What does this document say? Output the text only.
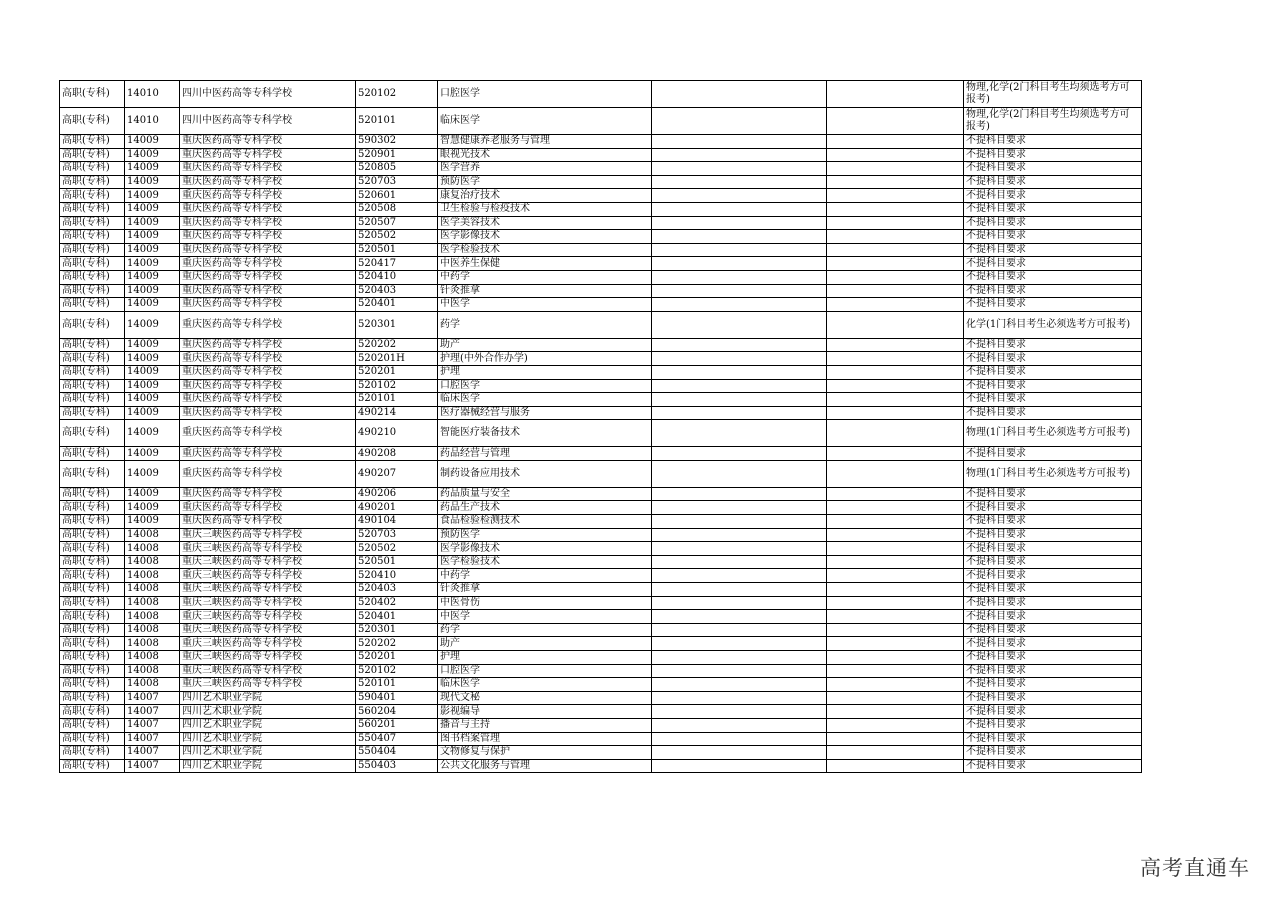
高职(专科)	14010	四川中医药高等专科学校	520102	口腔医学			物理,化学(2门科目考生均须选考方可报考)
高职(专科)	14010	四川中医药高等专科学校	520101	临床医学			物理,化学(2门科目考生均须选考方可报考)
高职(专科)	14009	重庆医药高等专科学校	590302	智慧健康养老服务与管理			不提科目要求
高职(专科)	14009	重庆医药高等专科学校	520901	眼视光技术			不提科目要求
高职(专科)	14009	重庆医药高等专科学校	520805	医学营养			不提科目要求
高职(专科)	14009	重庆医药高等专科学校	520703	预防医学			不提科目要求
高职(专科)	14009	重庆医药高等专科学校	520601	康复治疗技术			不提科目要求
高职(专科)	14009	重庆医药高等专科学校	520508	卫生检验与检疫技术			不提科目要求
高职(专科)	14009	重庆医药高等专科学校	520507	医学美容技术			不提科目要求
高职(专科)	14009	重庆医药高等专科学校	520502	医学影像技术			不提科目要求
高职(专科)	14009	重庆医药高等专科学校	520501	医学检验技术			不提科目要求
高职(专科)	14009	重庆医药高等专科学校	520417	中医养生保健			不提科目要求
高职(专科)	14009	重庆医药高等专科学校	520410	中药学			不提科目要求
高职(专科)	14009	重庆医药高等专科学校	520403	针灸推拿			不提科目要求
高职(专科)	14009	重庆医药高等专科学校	520401	中医学			不提科目要求
高职(专科)	14009	重庆医药高等专科学校	520301	药学			化学(1门科目考生必须选考方可报考)
高职(专科)	14009	重庆医药高等专科学校	520202	助产			不提科目要求
高职(专科)	14009	重庆医药高等专科学校	520201H	护理(中外合作办学)			不提科目要求
高职(专科)	14009	重庆医药高等专科学校	520201	护理			不提科目要求
高职(专科)	14009	重庆医药高等专科学校	520102	口腔医学			不提科目要求
高职(专科)	14009	重庆医药高等专科学校	520101	临床医学			不提科目要求
高职(专科)	14009	重庆医药高等专科学校	490214	医疗器械经营与服务			不提科目要求
高职(专科)	14009	重庆医药高等专科学校	490210	智能医疗装备技术			物理(1门科目考生必须选考方可报考)
高职(专科)	14009	重庆医药高等专科学校	490208	药品经营与管理			不提科目要求
高职(专科)	14009	重庆医药高等专科学校	490207	制药设备应用技术			物理(1门科目考生必须选考方可报考)
高职(专科)	14009	重庆医药高等专科学校	490206	药品质量与安全			不提科目要求
高职(专科)	14009	重庆医药高等专科学校	490201	药品生产技术			不提科目要求
高职(专科)	14009	重庆医药高等专科学校	490104	食品检验检测技术			不提科目要求
高职(专科)	14008	重庆三峡医药高等专科学校	520703	预防医学			不提科目要求
高职(专科)	14008	重庆三峡医药高等专科学校	520502	医学影像技术			不提科目要求
高职(专科)	14008	重庆三峡医药高等专科学校	520501	医学检验技术			不提科目要求
高职(专科)	14008	重庆三峡医药高等专科学校	520410	中药学			不提科目要求
高职(专科)	14008	重庆三峡医药高等专科学校	520403	针灸推拿			不提科目要求
高职(专科)	14008	重庆三峡医药高等专科学校	520402	中医骨伤			不提科目要求
高职(专科)	14008	重庆三峡医药高等专科学校	520401	中医学			不提科目要求
高职(专科)	14008	重庆三峡医药高等专科学校	520301	药学			不提科目要求
高职(专科)	14008	重庆三峡医药高等专科学校	520202	助产			不提科目要求
高职(专科)	14008	重庆三峡医药高等专科学校	520201	护理			不提科目要求
高职(专科)	14008	重庆三峡医药高等专科学校	520102	口腔医学			不提科目要求
高职(专科)	14008	重庆三峡医药高等专科学校	520101	临床医学			不提科目要求
高职(专科)	14007	四川艺术职业学院	590401	现代文秘			不提科目要求
高职(专科)	14007	四川艺术职业学院	560204	影视编导			不提科目要求
高职(专科)	14007	四川艺术职业学院	560201	播音与主持			不提科目要求
高职(专科)	14007	四川艺术职业学院	550407	图书档案管理			不提科目要求
高职(专科)	14007	四川艺术职业学院	550404	文物修复与保护			不提科目要求
高职(专科)	14007	四川艺术职业学院	550403	公共文化服务与管理			不提科目要求
高考直通车
